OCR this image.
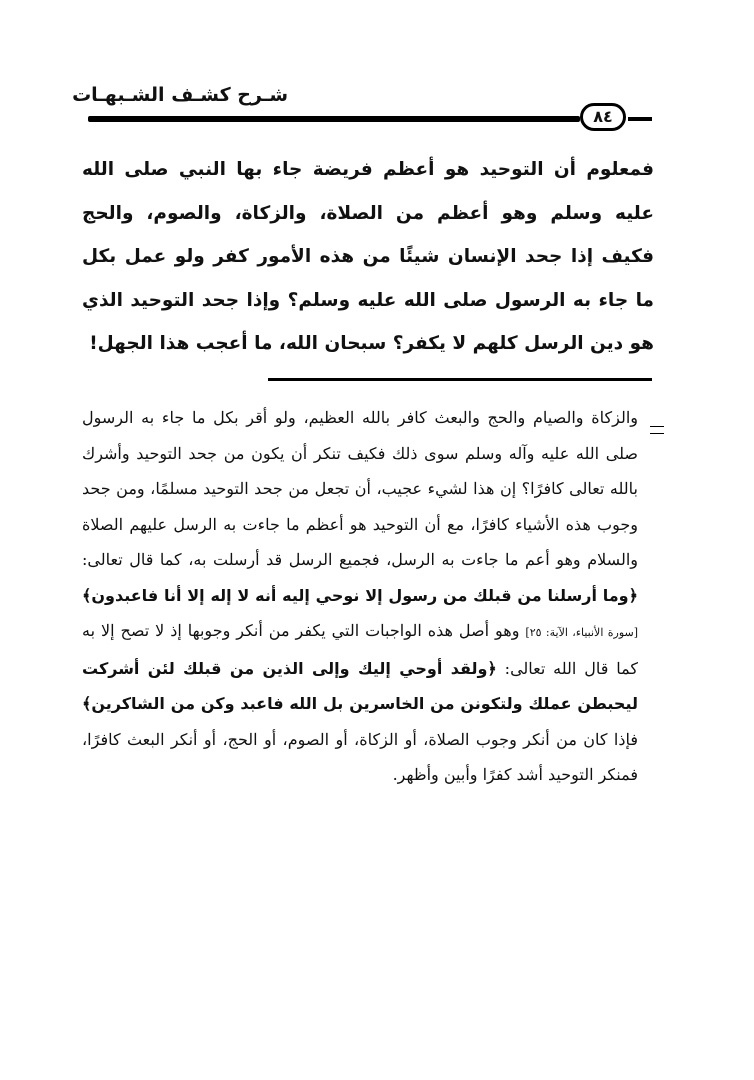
شـرح كشـف الشـبهـات
٨٤
فمعلوم أن التوحيد هو أعظم فريضة جاء بها النبي صلى الله عليه وسلم وهو أعظم من الصلاة، والزكاة، والصوم، والحج فكيف إذا جحد الإنسان شيئًا من هذه الأمور كفر ولو عمل بكل ما جاء به الرسول صلى الله عليه وسلم؟ وإذا جحد التوحيد الذي هو دين الرسل كلهم لا يكفر؟ سبحان الله، ما أعجب هذا الجهل!
والزكاة والصيام والحج والبعث كافر بالله العظيم، ولو أقر بكل ما جاء به الرسول صلى الله عليه وآله وسلم سوى ذلك فكيف تنكر أن يكون من جحد التوحيد وأشرك بالله تعالى كافرًا؟ إن هذا لشيء عجيب، أن تجعل من جحد التوحيد مسلمًا، ومن جحد وجوب هذه الأشياء كافرًا، مع أن التوحيد هو أعظم ما جاءت به الرسل عليهم الصلاة والسلام وهو أعم ما جاءت به الرسل، فجميع الرسل قد أرسلت به، كما قال تعالى: ﴿وما أرسلنا من قبلك من رسول إلا نوحي إليه أنه لا إله إلا أنا فاعبدون﴾[سورة الأنبياء، الآية: ٢٥] وهو أصل هذه الواجبات التي يكفر من أنكر وجوبها إذ لا تصح إلا به كما قال الله تعالى: ﴿ولقد أوحي إليك وإلى الذين من قبلك لئن أشركت ليحبطن عملك ولتكونن من الخاسرين بل الله فاعبد وكن من الشاكرين﴾ فإذا كان من أنكر وجوب الصلاة، أو الزكاة، أو الصوم، أو الحج، أو أنكر البعث كافرًا، فمنكر التوحيد أشد كفرًا وأبين وأظهر.
